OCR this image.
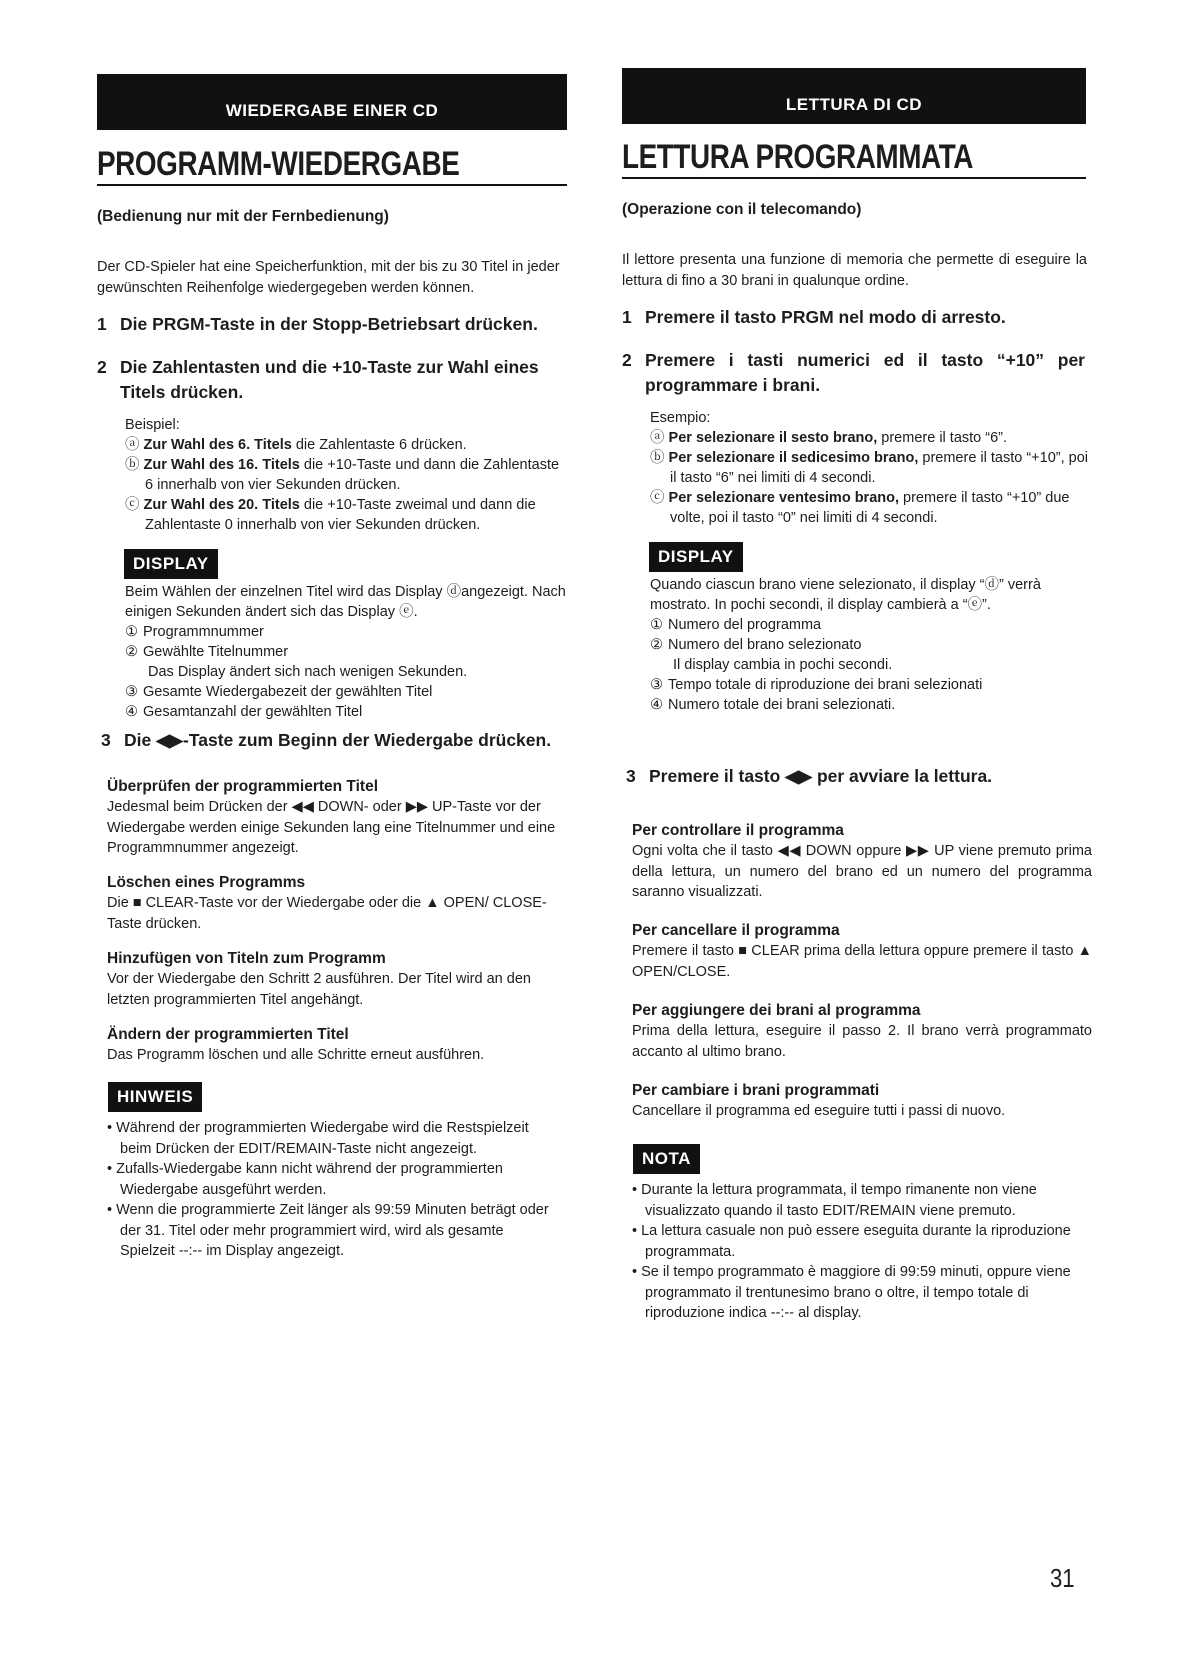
WIEDERGABE EINER CD
PROGRAMM-WIEDERGABE
(Bedienung nur mit der Fernbedienung)
Der CD-Spieler hat eine Speicherfunktion, mit der bis zu 30 Titel in jeder gewünschten Reihenfolge wiedergegeben werden können.
1 Die PRGM-Taste in der Stopp-Betriebsart drücken.
2 Die Zahlentasten und die +10-Taste zur Wahl eines Titels drücken.
Beispiel:
ⓐ Zur Wahl des 6. Titels die Zahlentaste 6 drücken.
ⓑ Zur Wahl des 16. Titels die +10-Taste und dann die Zahlentaste 6 innerhalb von vier Sekunden drücken.
ⓒ Zur Wahl des 20. Titels die +10-Taste zweimal und dann die Zahlentaste 0 innerhalb von vier Sekunden drücken.
DISPLAY
Beim Wählen der einzelnen Titel wird das Display ⓓangezeigt. Nach einigen Sekunden ändert sich das Display ⓔ.
① Programmnummer
② Gewählte Titelnummer
Das Display ändert sich nach wenigen Sekunden.
③ Gesamte Wiedergabezeit der gewählten Titel
④ Gesamtanzahl der gewählten Titel
3 Die ◀▶-Taste zum Beginn der Wiedergabe drücken.
Überprüfen der programmierten Titel
Jedesmal beim Drücken der ◀◀ DOWN- oder ▶▶ UP-Taste vor der Wiedergabe werden einige Sekunden lang eine Titelnummer und eine Programmnummer angezeigt.
Löschen eines Programms
Die ■ CLEAR-Taste vor der Wiedergabe oder die ▲ OPEN/ CLOSE-Taste drücken.
Hinzufügen von Titeln zum Programm
Vor der Wiedergabe den Schritt 2 ausführen. Der Titel wird an den letzten programmierten Titel angehängt.
Ändern der programmierten Titel
Das Programm löschen und alle Schritte erneut ausführen.
HINWEIS
• Während der programmierten Wiedergabe wird die Restspielzeit beim Drücken der EDIT/REMAIN-Taste nicht angezeigt.
• Zufalls-Wiedergabe kann nicht während der programmierten Wiedergabe ausgeführt werden.
• Wenn die programmierte Zeit länger als 99:59 Minuten beträgt oder der 31. Titel oder mehr programmiert wird, wird als gesamte Spielzeit --:-- im Display angezeigt.
LETTURA DI CD
LETTURA PROGRAMMATA
(Operazione con il telecomando)
Il lettore presenta una funzione di memoria che permette di eseguire la lettura di fino a 30 brani in qualunque ordine.
1 Premere il tasto PRGM nel modo di arresto.
2 Premere i tasti numerici ed il tasto “+10” per programmare i brani.
Esempio:
ⓐ Per selezionare il sesto brano, premere il tasto “6”.
ⓑ Per selezionare il sedicesimo brano, premere il tasto “+10”, poi il tasto “6” nei limiti di 4 secondi.
ⓒ Per selezionare ventesimo brano, premere il tasto “+10” due volte, poi il tasto “0” nei limiti di 4 secondi.
DISPLAY
Quando ciascun brano viene selezionato, il display “ⓓ” verrà mostrato. In pochi secondi, il display cambierà a “ⓔ”.
① Numero del programma
② Numero del brano selezionato
Il display cambia in pochi secondi.
③ Tempo totale di riproduzione dei brani selezionati
④ Numero totale dei brani selezionati.
3 Premere il tasto ◀▶ per avviare la lettura.
Per controllare il programma
Ogni volta che il tasto ◀◀ DOWN oppure ▶▶ UP viene premuto prima della lettura, un numero del brano ed un numero del programma saranno visualizzati.
Per cancellare il programma
Premere il tasto ■ CLEAR prima della lettura oppure premere il tasto ▲ OPEN/CLOSE.
Per aggiungere dei brani al programma
Prima della lettura, eseguire il passo 2. Il brano verrà programmato accanto al ultimo brano.
Per cambiare i brani programmati
Cancellare il programma ed eseguire tutti i passi di nuovo.
NOTA
• Durante la lettura programmata, il tempo rimanente non viene visualizzato quando il tasto EDIT/REMAIN viene premuto.
• La lettura casuale non può essere eseguita durante la riproduzione programmata.
• Se il tempo programmato è maggiore di 99:59 minuti, oppure viene programmato il trentunesimo brano o oltre, il tempo totale di riproduzione indica --:-- al display.
31
